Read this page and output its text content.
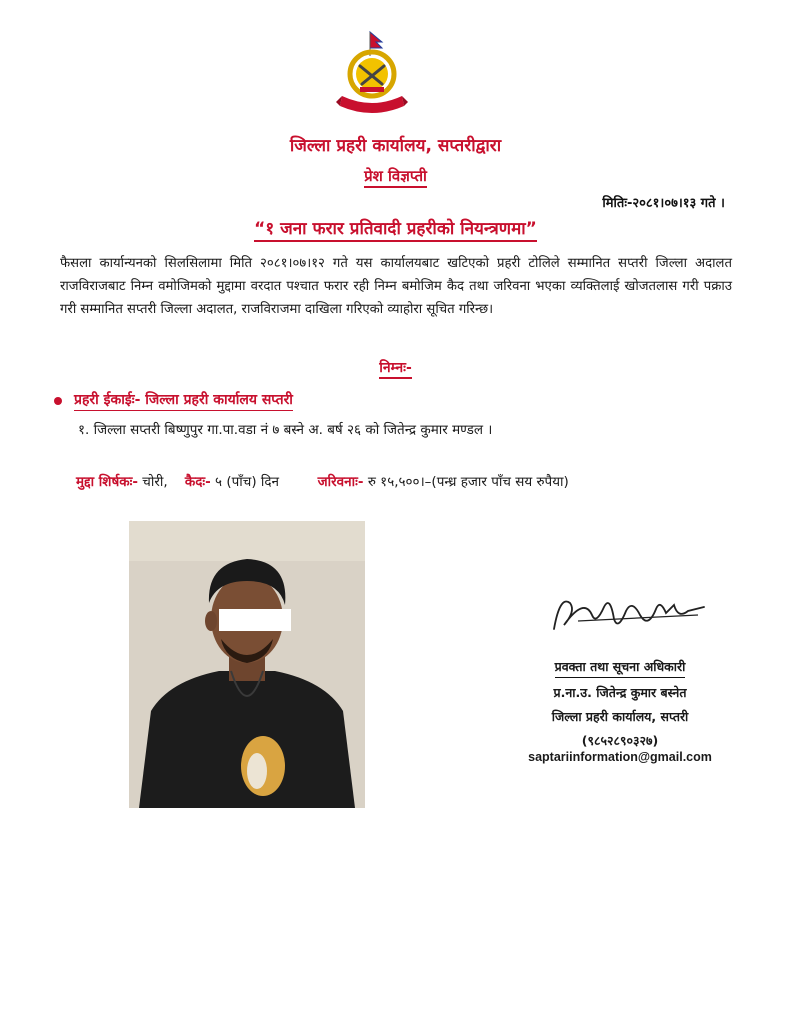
जिल्ला प्रहरी कार्यालय, सप्तरीद्वारा
प्रेश विज्ञप्ती
मितिः-२०८१।०७।१३ गते ।
“१ जना फरार प्रतिवादी प्रहरीको नियन्त्रणमा”
फैसला कार्यान्यनको सिलसिलामा मिति २०८१।०७।१२ गते यस कार्यालयबाट खटिएको प्रहरी टोलिले सम्मानित सप्तरी जिल्ला अदालत राजविराजबाट निम्न वमोजिमको मुद्दामा वरदात पश्चात फरार रही निम्न बमोजिम कैद तथा जरिवना भएका व्यक्तिलाई खोजतलास गरी पक्राउ गरी सम्मानित सप्तरी जिल्ला अदालत, राजविराजमा दाखिला गरिएको व्याहोरा सूचित गरिन्छ।
निम्नः-
प्रहरी ईकाईः- जिल्ला प्रहरी कार्यालय सप्तरी
१. जिल्ला सप्तरी बिष्णुपुर गा.पा.वडा नं ७ बस्ने अ. बर्ष २६ को जितेन्द्र कुमार मण्डल ।
मुद्दा शिर्षकः- चोरी, कैदः- ५ (पाँच) दिन	जरिवनाः- रु १५,५००।–(पन्ध्र हजार पाँच सय रुपैया)
प्रवक्ता तथा सूचना अधिकारी
प्र.ना.उ. जितेन्द्र कुमार बस्नेत
जिल्ला प्रहरी कार्यालय, सप्तरी
(९८५२८९०३२७)
saptariinformation@gmail.com
